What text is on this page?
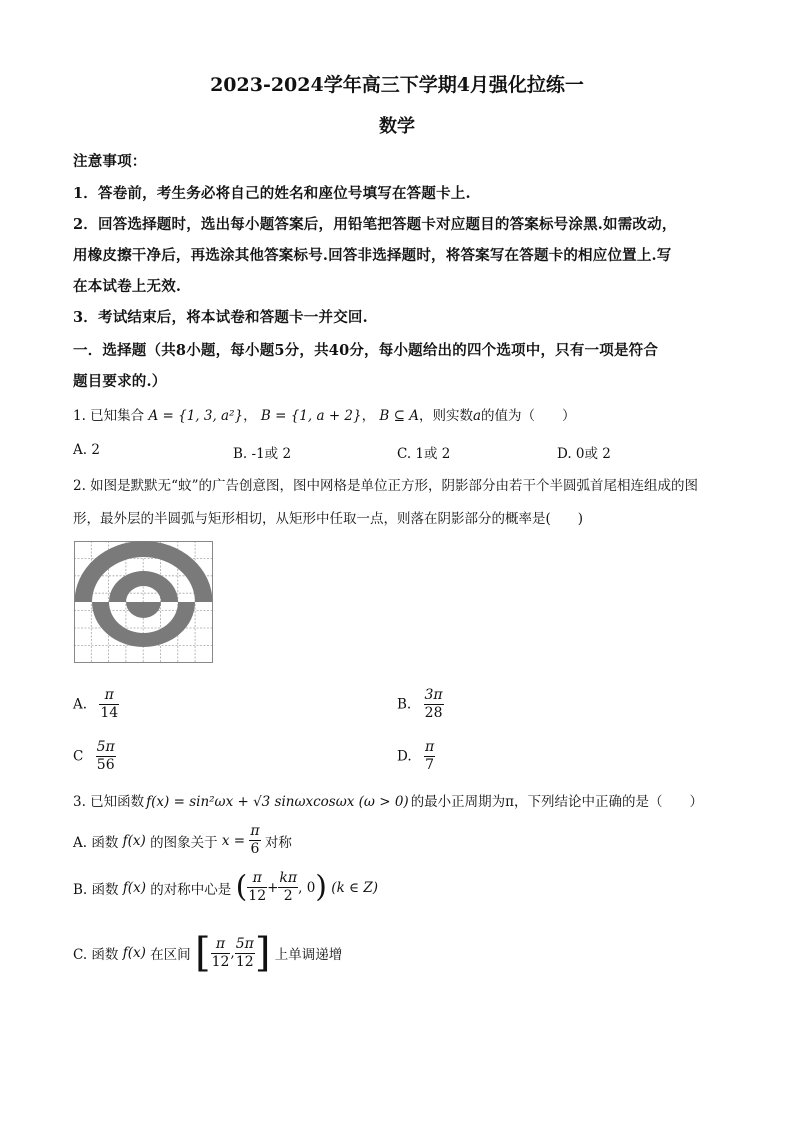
2023-2024学年高三下学期4月强化拉练一
数学
注意事项：
1．答卷前，考生务必将自己的姓名和座位号填写在答题卡上.
2．回答选择题时，选出每小题答案后，用铅笔把答题卡对应题目的答案标号涂黑.如需改动，
用橡皮擦干净后，再选涂其他答案标号.回答非选择题时，将答案写在答题卡的相应位置上.写
在本试卷上无效.
3．考试结束后，将本试卷和答题卡一并交回.
一．选择题（共8小题，每小题5分，共40分，每小题给出的四个选项中，只有一项是符合
题目要求的.）
1. 已知集合 A = {1, 3, a²}， B = {1, a + 2}， B ⊆ A，则实数a的值为（　　）
A. 2	B. -1或 2	C. 1或 2	D. 0或 2
2. 如图是默默无“蚊”的广告创意图，图中网格是单位正方形，阴影部分由若干个半圆弧首尾相连组成的图
形，最外层的半圆弧与矩形相切，从矩形中任取一点，则落在阴影部分的概率是(　　)
A. $\frac{\pi}{14}$	B. $\frac{3\pi}{28}$
C $\frac{5\pi}{56}$	D. $\frac{\pi}{7}$
3. 已知函数 f(x) = sin²ωx + √3 sinωxcosωx (ω > 0) 的最小正周期为π，下列结论中正确的是（　　）
A. 函数 f(x) 的图象关于 $x = \frac{\pi}{6}$ 对称
B. 函数 f(x) 的对称中心是 ( $\frac{\pi}{12} + \frac{k\pi}{2}$ , 0) (k ∈ Z)
C. 函数 f(x) 在区间 [ $\frac{\pi}{12}$ , $\frac{5\pi}{12}$ ] 上单调递增
